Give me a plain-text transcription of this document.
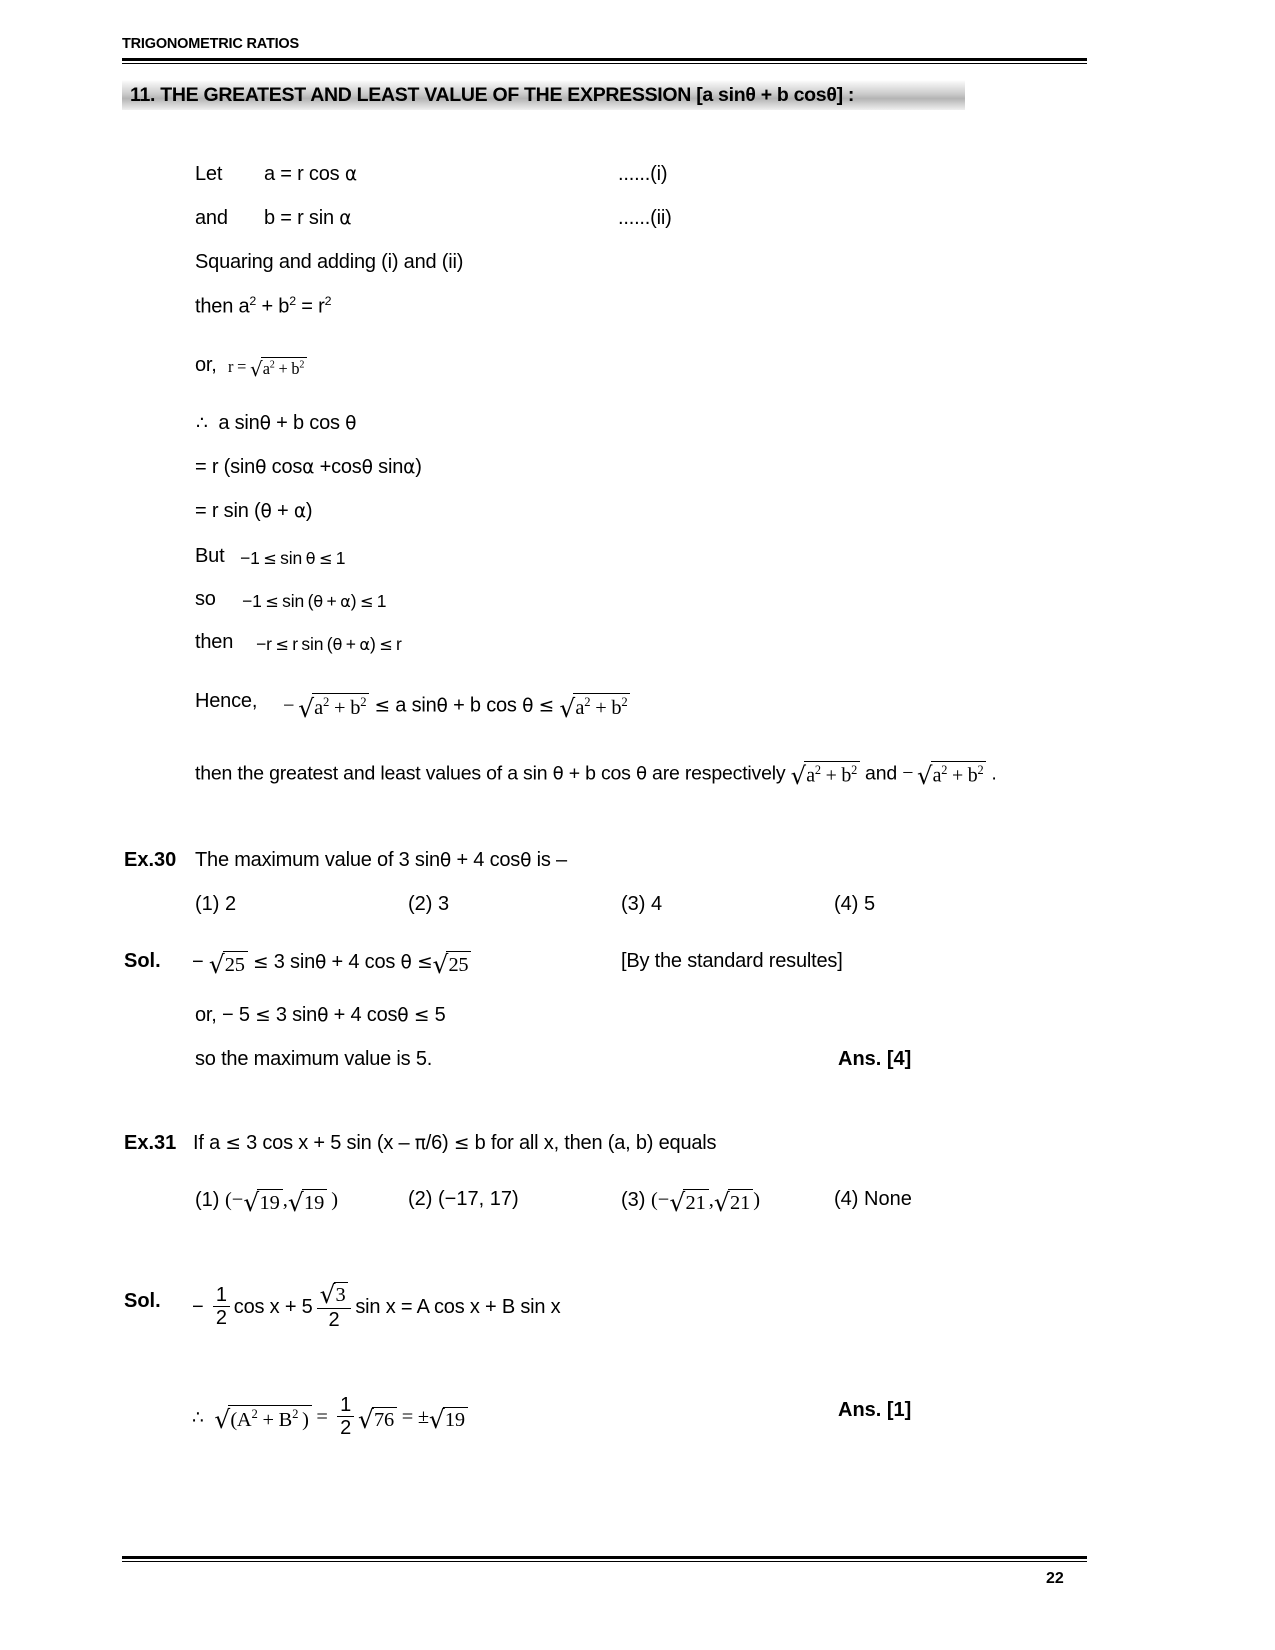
TRIGONOMETRIC RATIOS
11. THE GREATEST AND LEAST VALUE OF THE EXPRESSION [a sinθ + b cosθ] :
Let a = r cos α	......(i)
and b = r sin α	......(ii)
Squaring and adding (i) and (ii)
then $a^2 + b^2 = r^2$
or, $r = √a^2 + b^2$
∴  a sinθ + b cos θ
= r (sinθ cosα +cosθ sinα)
= r sin (θ + α)
But −1 ≤ sin θ  ≤ 1
so −1 ≤ sin (θ + α) ≤ 1
then −r ≤ r sin (θ + α) ≤ r
Hence, − $√a^2 + b^2 \le a$ sinθ + b $\cos \theta \le √a^2 + b^2$
then the greatest and least values of a sin θ + b cos θ are respectively $√a^2 + b^2$ and − $√a^2 + b^2$ .
Ex.30 The maximum value of 3 sinθ + 4 cosθ is –
(1) 2	(2) 3	(3) 4	(4) 5
Sol. − √25 ≤ 3 sinθ + 4 cos θ ≤√25	[By the standard resultes]
or, − 5 ≤ 3 sinθ + 4 cosθ ≤ 5
so the maximum value is 5.	Ans. [4]
Ex.31 If a ≤ 3 cos x + 5 sin (x – π/6) ≤ b for all x, then (a, b) equals
(1) (−√19 ,√19 )	(2) (−17, 17)	(3) (−√21 ,√21 )	(4) None
Sol. − $\frac{1}{2}$ $\cos x + 5 \frac{√3}{2}$ sin x = A cos x + B sin x
∴ $√(A^2 + B^2$ ) = $\frac{1}{2} √76 = \pm√19$	Ans. [1]
22
